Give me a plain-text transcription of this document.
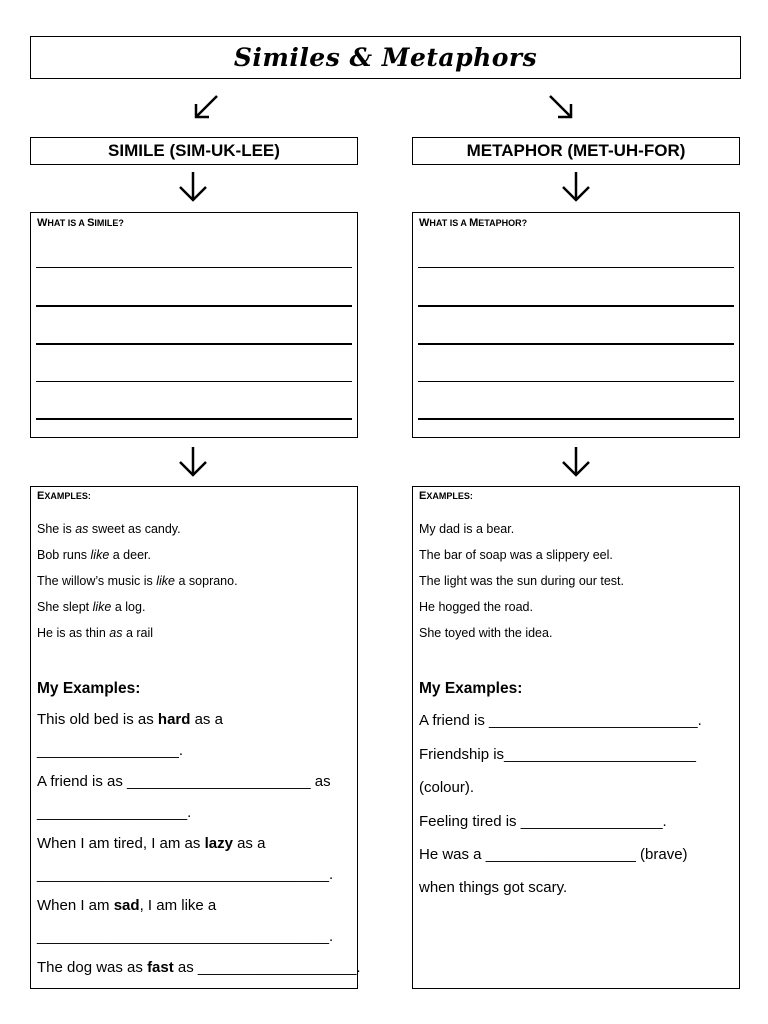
Similes & Metaphors
SIMILE (SIM-UK-LEE)	METAPHOR (MET-UH-FOR)
WHAT IS A SIMILE?	WHAT IS A METAPHOR?
EXAMPLES:
She is as sweet as candy.
Bob runs like a deer.
The willow’s music is like a soprano.
She slept like a log.
He is as thin as a rail
My Examples:
This old bed is as hard as a
_________________.
A friend is as ______________________ as
__________________.
When I am tired, I am as lazy as a
___________________________________.
When I am sad, I am like a
___________________________________.
The dog was as fast as ___________________.
EXAMPLES:
My dad is a bear.
The bar of soap was a slippery eel.
The light was the sun during our test.
He hogged the road.
She toyed with the idea.
My Examples:
A friend is _________________________.
Friendship is_______________________
(colour).
Feeling tired is _________________.
He was a __________________ (brave)
when things got scary.
